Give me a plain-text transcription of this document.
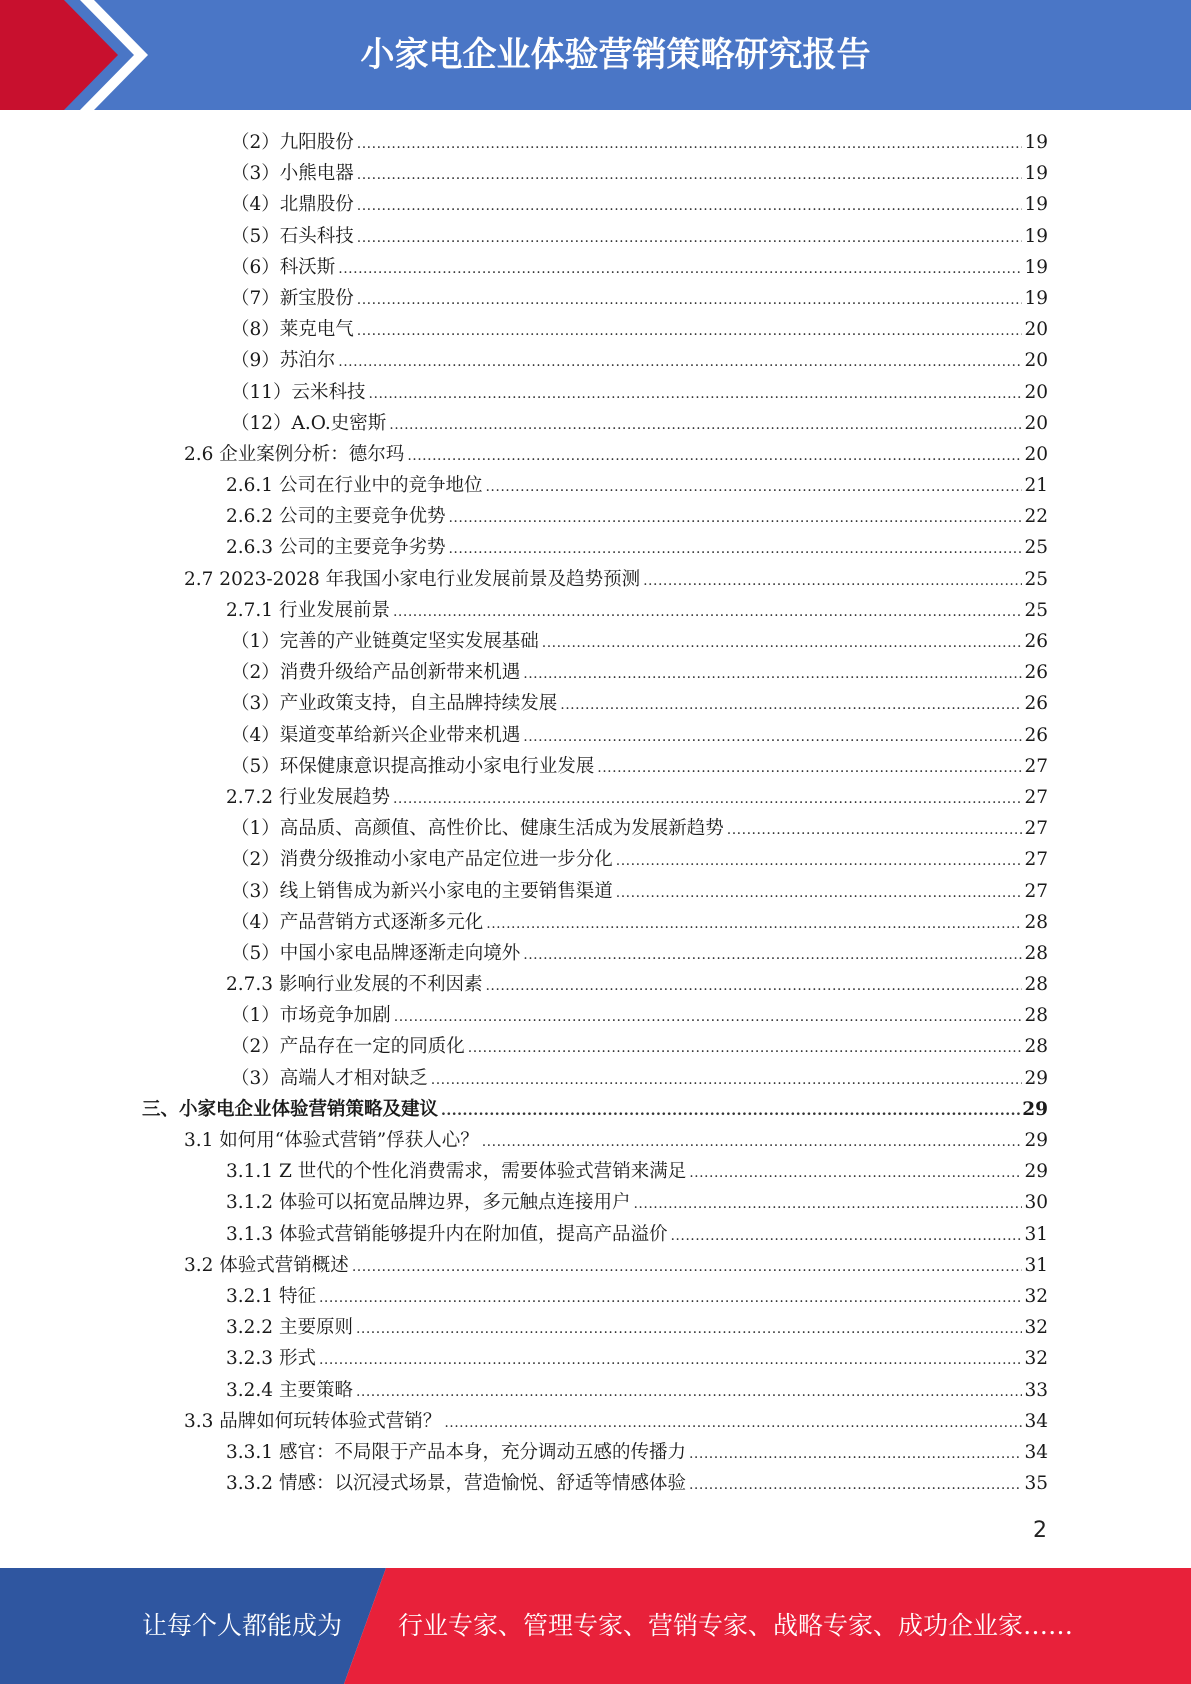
小家电企业体验营销策略研究报告
（2）九阳股份 .....	19
（3）小熊电器 .....	19
（4）北鼎股份 .....	19
（5）石头科技 .....	19
（6）科沃斯 .....	19
（7）新宝股份 .....	19
（8）莱克电气 .....	20
（9）苏泊尔 .....	20
（11）云米科技 .....	20
（12）A.O.史密斯 .....	20
2.6 企业案例分析：德尔玛 .....	20
2.6.1 公司在行业中的竞争地位 .....	21
2.6.2 公司的主要竞争优势 .....	22
2.6.3 公司的主要竞争劣势 .....	25
2.7 2023-2028 年我国小家电行业发展前景及趋势预测 .....	25
2.7.1 行业发展前景 .....	25
（1）完善的产业链奠定坚实发展基础 .....	26
（2）消费升级给产品创新带来机遇 .....	26
（3）产业政策支持，自主品牌持续发展 .....	26
（4）渠道变革给新兴企业带来机遇 .....	26
（5）环保健康意识提高推动小家电行业发展 .....	27
2.7.2 行业发展趋势 .....	27
（1）高品质、高颜值、高性价比、健康生活成为发展新趋势 .....	27
（2）消费分级推动小家电产品定位进一步分化 .....	27
（3）线上销售成为新兴小家电的主要销售渠道 .....	27
（4）产品营销方式逐渐多元化 .....	28
（5）中国小家电品牌逐渐走向境外 .....	28
2.7.3 影响行业发展的不利因素 .....	28
（1）市场竞争加剧 .....	28
（2）产品存在一定的同质化 .....	28
（3）高端人才相对缺乏 .....	29
三、小家电企业体验营销策略及建议 .....	29
3.1 如何用“体验式营销”俘获人心？ .....	29
3.1.1 Z 世代的个性化消费需求，需要体验式营销来满足 .....	29
3.1.2 体验可以拓宽品牌边界，多元触点连接用户 .....	30
3.1.3 体验式营销能够提升内在附加值，提高产品溢价 .....	31
3.2 体验式营销概述 .....	31
3.2.1 特征 .....	32
3.2.2 主要原则 .....	32
3.2.3 形式 .....	32
3.2.4 主要策略 .....	33
3.3 品牌如何玩转体验式营销？ .....	34
3.3.1 感官：不局限于产品本身，充分调动五感的传播力 .....	34
3.3.2 情感：以沉浸式场景，营造愉悦、舒适等情感体验 .....	35
2
让每个人都能成为 行业专家、管理专家、营销专家、战略专家、成功企业家……
